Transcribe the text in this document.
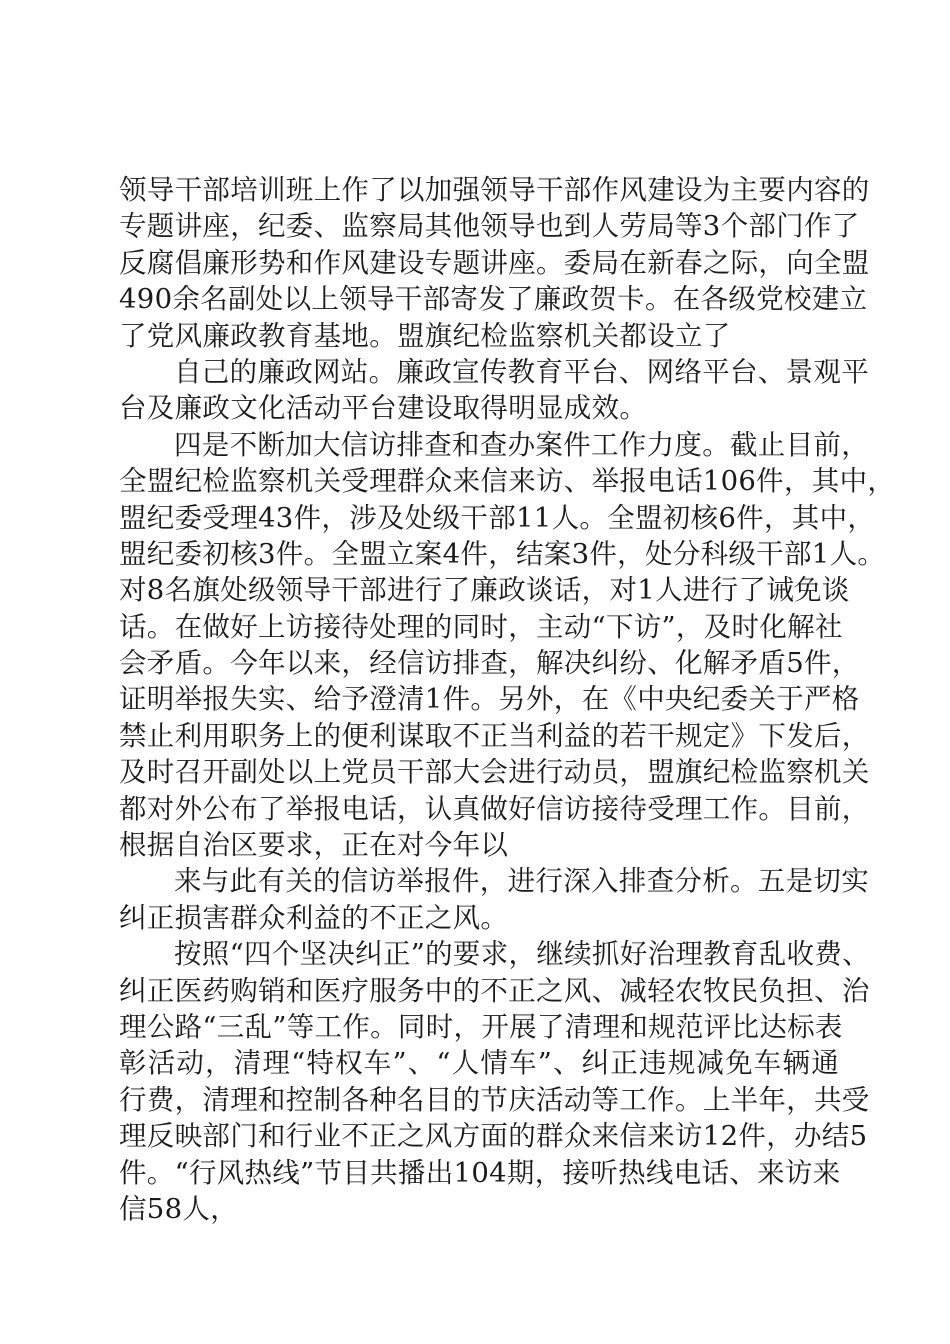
领导干部培训班上作了以加强领导干部作风建设为主要内容的
专题讲座，纪委、监察局其他领导也到人劳局等3个部门作了
反腐倡廉形势和作风建设专题讲座。委局在新春之际，向全盟
490余名副处以上领导干部寄发了廉政贺卡。在各级党校建立
了党风廉政教育基地。盟旗纪检监察机关都设立了
自己的廉政网站。廉政宣传教育平台、网络平台、景观平
台及廉政文化活动平台建设取得明显成效。
四是不断加大信访排查和查办案件工作力度。截止目前，
全盟纪检监察机关受理群众来信来访、举报电话106件，其中，
盟纪委受理43件，涉及处级干部11人。全盟初核6件，其中，
盟纪委初核3件。全盟立案4件，结案3件，处分科级干部1人。
对8名旗处级领导干部进行了廉政谈话，对1人进行了诫免谈
话。在做好上访接待处理的同时，主动“下访”，及时化解社
会矛盾。今年以来，经信访排查，解决纠纷、化解矛盾5件，
证明举报失实、给予澄清1件。另外，在《中央纪委关于严格
禁止利用职务上的便利谋取不正当利益的若干规定》下发后，
及时召开副处以上党员干部大会进行动员，盟旗纪检监察机关
都对外公布了举报电话，认真做好信访接待受理工作。目前，
根据自治区要求，正在对今年以
来与此有关的信访举报件，进行深入排查分析。五是切实
纠正损害群众利益的不正之风。
按照“四个坚决纠正”的要求，继续抓好治理教育乱收费、
纠正医药购销和医疗服务中的不正之风、减轻农牧民负担、治
理公路“三乱”等工作。同时，开展了清理和规范评比达标表
彰活动，清理“特权车”、“人情车”、纠正违规减免车辆通
行费，清理和控制各种名目的节庆活动等工作。上半年，共受
理反映部门和行业不正之风方面的群众来信来访12件，办结5
件。“行风热线”节目共播出104期，接听热线电话、来访来
信58人，
